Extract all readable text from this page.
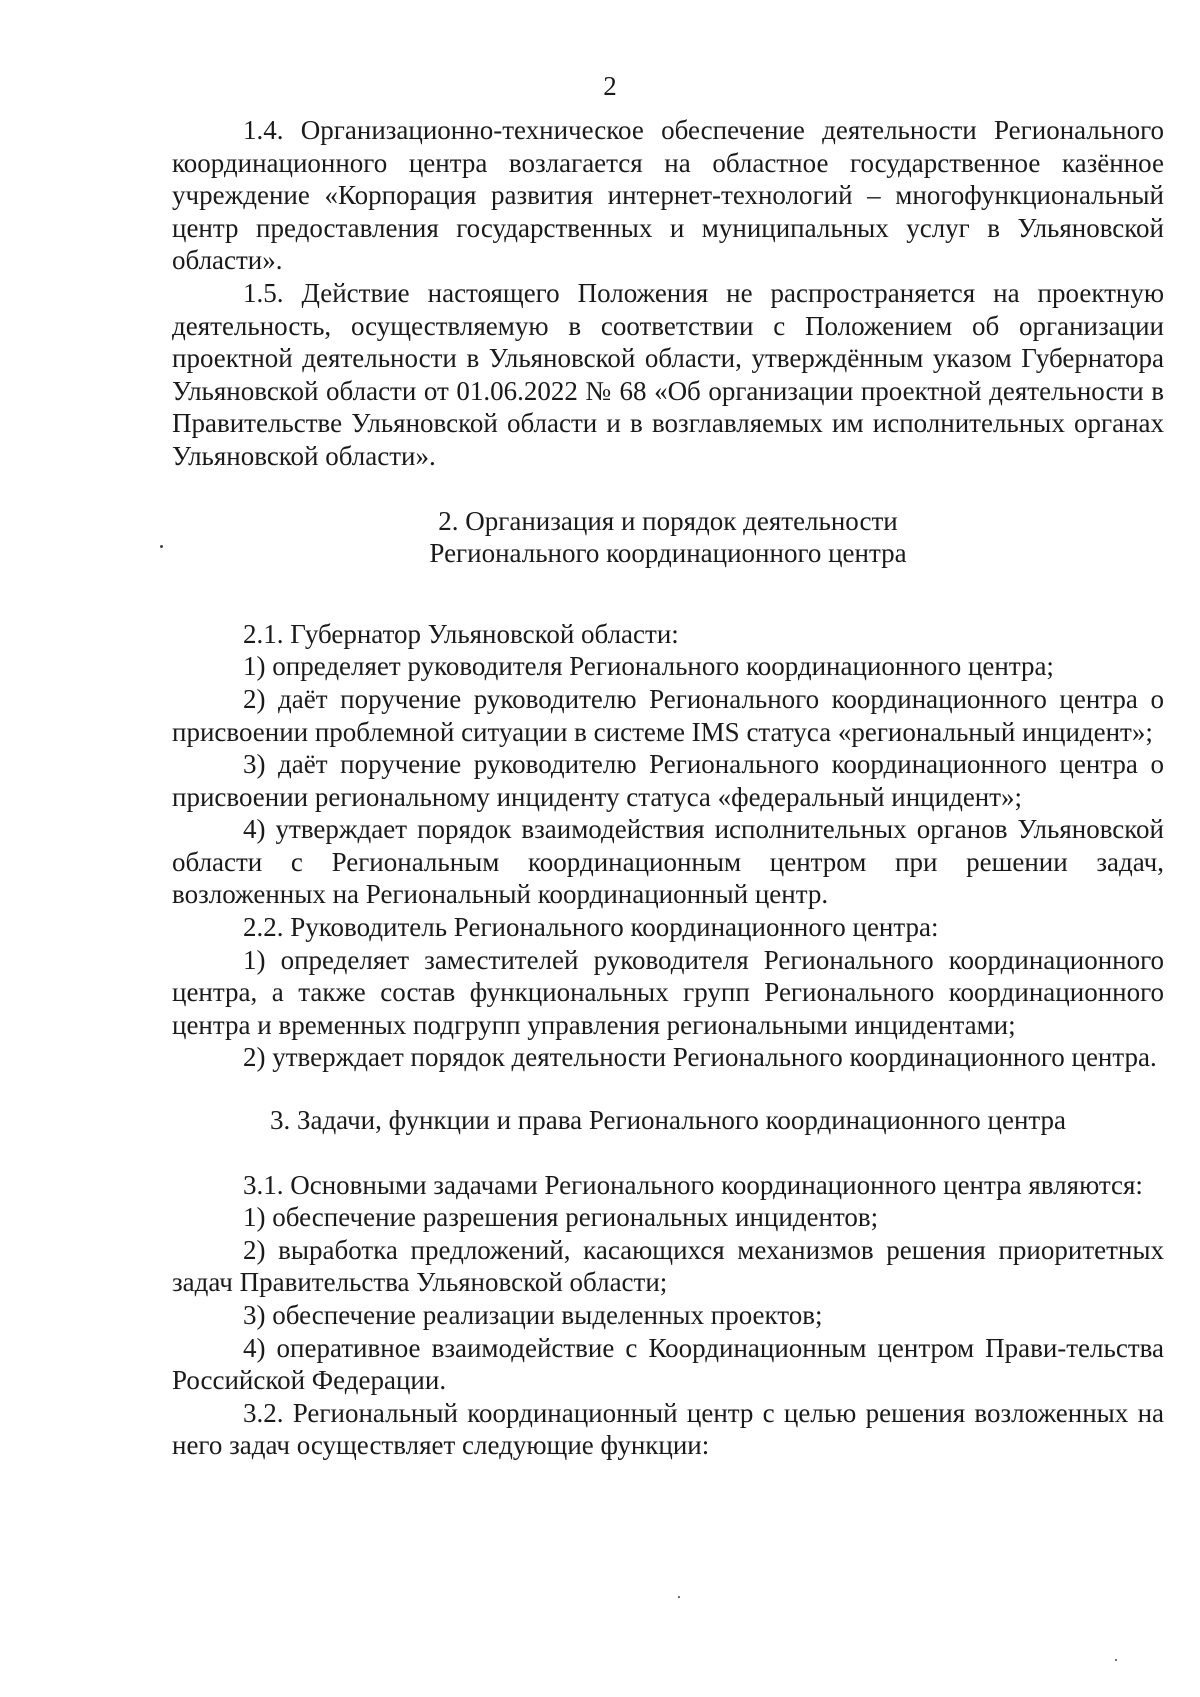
2

1.4. Организационно-техническое обеспечение деятельности Регионального координационного центра возлагается на областное государственное казённое учреждение «Корпорация развития интернет-технологий – многофункциональный центр предоставления государственных и муниципальных услуг в Ульяновской области».

1.5. Действие настоящего Положения не распространяется на проектную деятельность, осуществляемую в соответствии с Положением об организации проектной деятельности в Ульяновской области, утверждённым указом Губернатора Ульяновской области от 01.06.2022 № 68 «Об организации проектной деятельности в Правительстве Ульяновской области и в возглавляемых им исполнительных органах Ульяновской области».

2. Организация и порядок деятельности

Регионального координационного центра

2.1. Губернатор Ульяновской области:

1) определяет руководителя Регионального координационного центра;

2) даёт поручение руководителю Регионального координационного центра о присвоении проблемной ситуации в системе IMS статуса «региональный инцидент»;

3) даёт поручение руководителю Регионального координационного центра о присвоении региональному инциденту статуса «федеральный инцидент»;

4) утверждает порядок взаимодействия исполнительных органов Ульяновской области с Региональным координационным центром при решении задач, возложенных на Региональный координационный центр.

2.2. Руководитель Регионального координационного центра:

1) определяет заместителей руководителя Регионального координационного центра, а также состав функциональных групп Регионального координационного центра и временных подгрупп управления региональными инцидентами;

2) утверждает порядок деятельности Регионального координационного центра.

3. Задачи, функции и права Регионального координационного центра

3.1. Основными задачами Регионального координационного центра являются:

1) обеспечение разрешения региональных инцидентов;

2) выработка предложений, касающихся механизмов решения приоритетных задач Правительства Ульяновской области;

3) обеспечение реализации выделенных проектов;

4) оперативное взаимодействие с Координационным центром Прави-тельства Российской Федерации.

3.2. Региональный координационный центр с целью решения возложенных на него задач осуществляет следующие функции:
